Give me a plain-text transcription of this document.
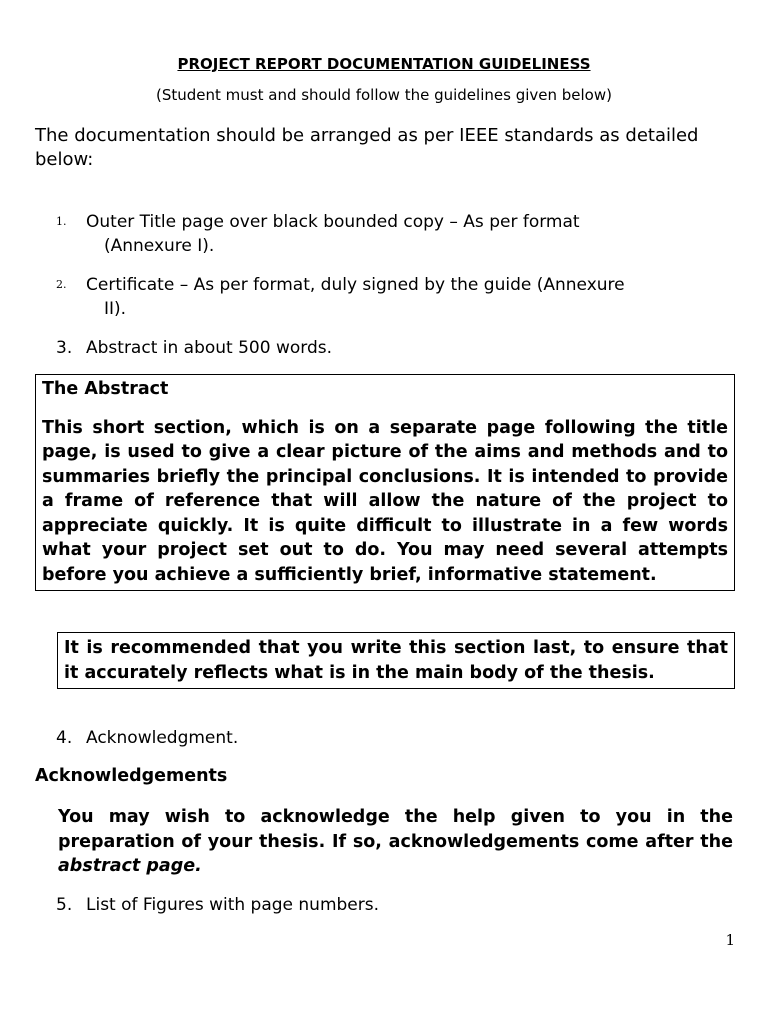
PROJECT REPORT DOCUMENTATION GUIDELINESS
(Student must and should follow the guidelines given below)
The documentation should be arranged as per IEEE standards as detailed below:
1. Outer Title page over black bounded copy – As per format
(Annexure I).
2. Certificate – As per format, duly signed by the guide (Annexure
II).
3. Abstract in about 500 words.
The Abstract
This short section, which is on a separate page following the title page, is used to give a clear picture of the aims and methods and to summaries briefly the principal conclusions. It is intended to provide a frame of reference that will allow the nature of the project to appreciate quickly. It is quite difficult to illustrate in a few words what your project set out to do. You may need several attempts before you achieve a sufficiently brief, informative statement.
It is recommended that you write this section last, to ensure that it accurately reflects what is in the main body of the thesis.
4. Acknowledgment.
Acknowledgements
You may wish to acknowledge the help given to you in the preparation of your thesis. If so, acknowledgements come after the abstract page.
5. List of Figures with page numbers.
1
